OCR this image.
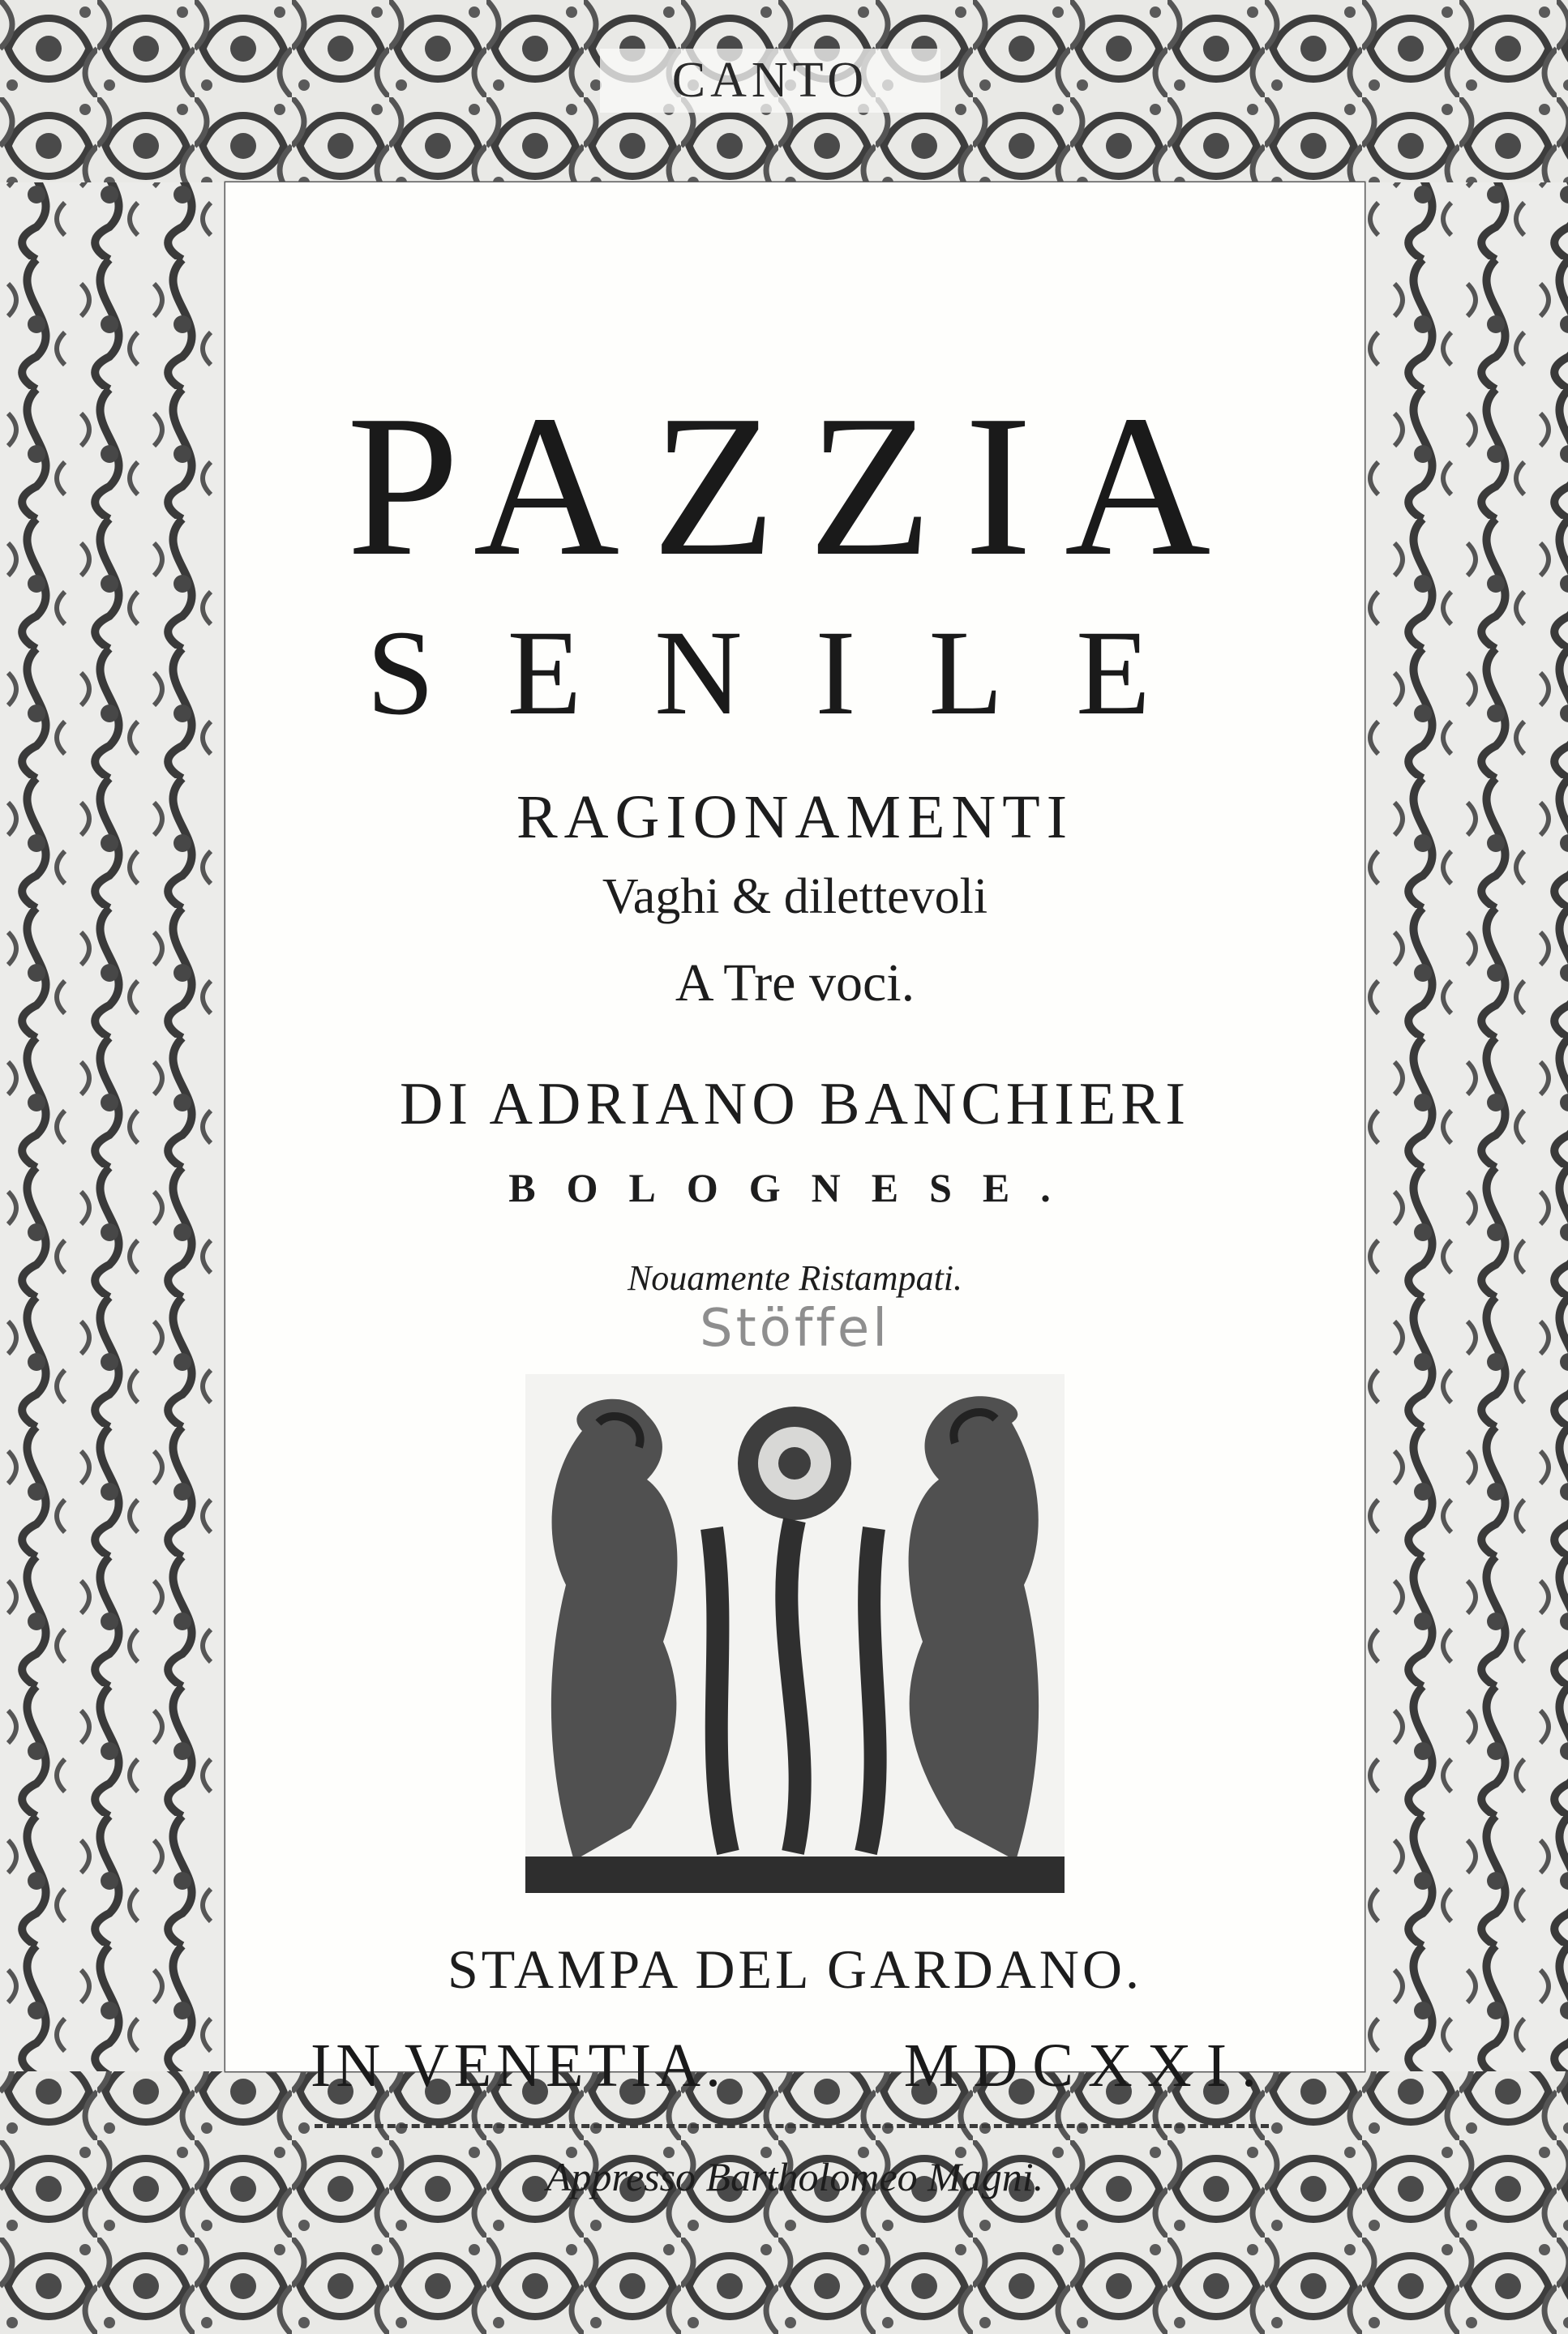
CANTO
PAZZIA
SENILE
RAGIONAMENTI
Vaghi & dilettevoli
A Tre voci.
DI ADRIANO BANCHIERI
BOLOGNESE.
Nouamente Ristampati.
Stöffel
STAMPA DEL GARDANO.
IN VENETIA.	MDCXXI.
Appresso Bartholomeo Magni.
